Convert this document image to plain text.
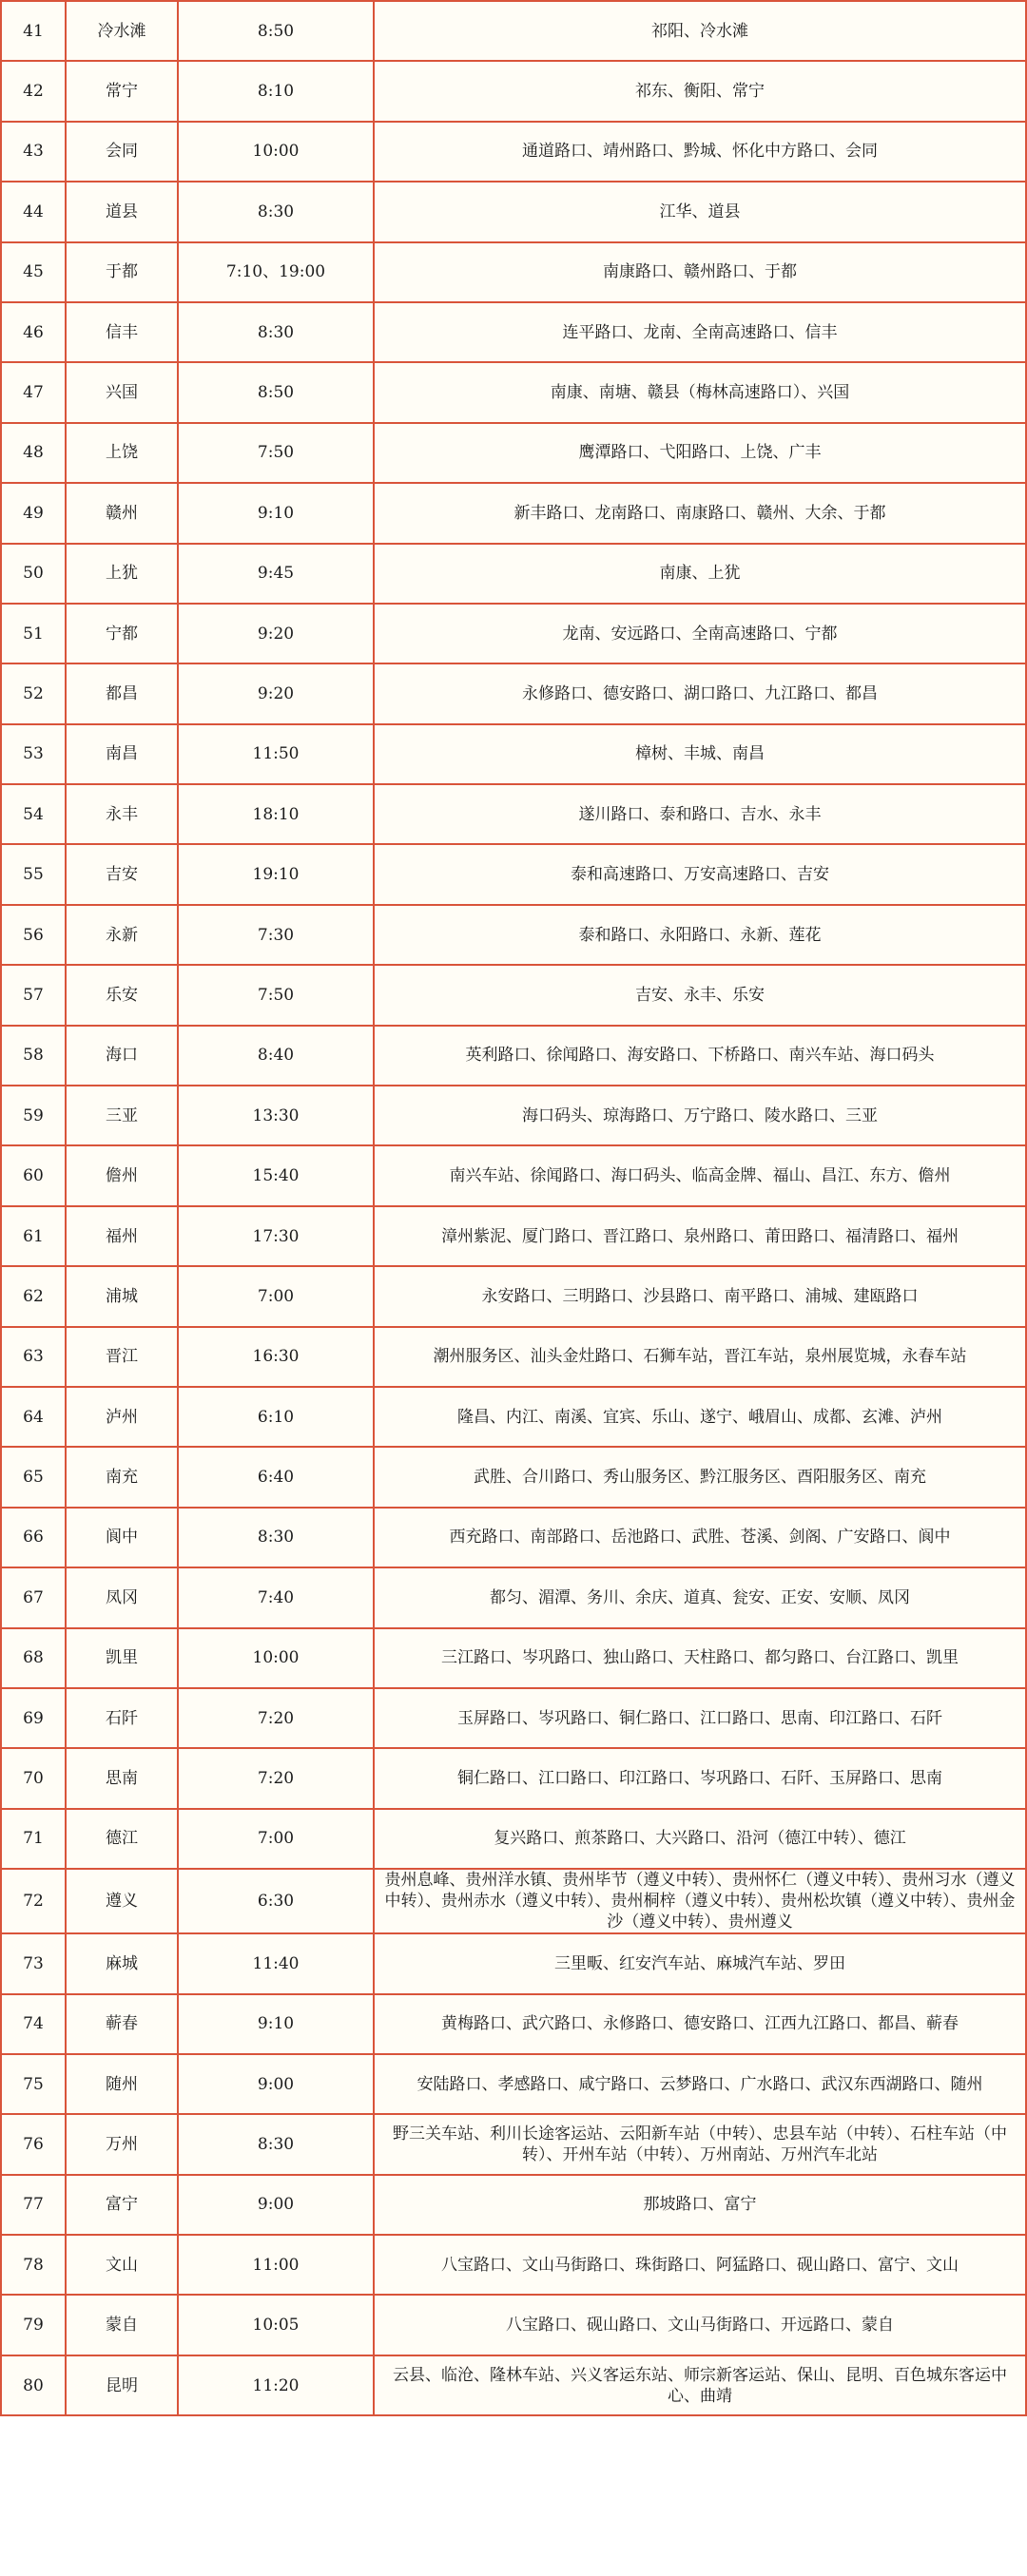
41	冷水滩	8:50	祁阳、冷水滩
42	常宁	8:10	祁东、衡阳、常宁
43	会同	10:00	通道路口、靖州路口、黔城、怀化中方路口、会同
44	道县	8:30	江华、道县
45	于都	7:10、19:00	南康路口、赣州路口、于都
46	信丰	8:30	连平路口、龙南、全南高速路口、信丰
47	兴国	8:50	南康、南塘、赣县（梅林高速路口）、兴国
48	上饶	7:50	鹰潭路口、弋阳路口、上饶、广丰
49	赣州	9:10	新丰路口、龙南路口、南康路口、赣州、大余、于都
50	上犹	9:45	南康、上犹
51	宁都	9:20	龙南、安远路口、全南高速路口、宁都
52	都昌	9:20	永修路口、德安路口、湖口路口、九江路口、都昌
53	南昌	11:50	樟树、丰城、南昌
54	永丰	18:10	遂川路口、泰和路口、吉水、永丰
55	吉安	19:10	泰和高速路口、万安高速路口、吉安
56	永新	7:30	泰和路口、永阳路口、永新、莲花
57	乐安	7:50	吉安、永丰、乐安
58	海口	8:40	英利路口、徐闻路口、海安路口、下桥路口、南兴车站、海口码头
59	三亚	13:30	海口码头、琼海路口、万宁路口、陵水路口、三亚
60	儋州	15:40	南兴车站、徐闻路口、海口码头、临高金牌、福山、昌江、东方、儋州
61	福州	17:30	漳州紫泥、厦门路口、晋江路口、泉州路口、莆田路口、福清路口、福州
62	浦城	7:00	永安路口、三明路口、沙县路口、南平路口、浦城、建瓯路口
63	晋江	16:30	潮州服务区、汕头金灶路口、石狮车站，晋江车站，泉州展览城，永春车站
64	泸州	6:10	隆昌、内江、南溪、宜宾、乐山、遂宁、峨眉山、成都、玄滩、泸州
65	南充	6:40	武胜、合川路口、秀山服务区、黔江服务区、酉阳服务区、南充
66	阆中	8:30	西充路口、南部路口、岳池路口、武胜、苍溪、剑阁、广安路口、阆中
67	凤冈	7:40	都匀、湄潭、务川、余庆、道真、瓮安、正安、安顺、凤冈
68	凯里	10:00	三江路口、岑巩路口、独山路口、天柱路口、都匀路口、台江路口、凯里
69	石阡	7:20	玉屏路口、岑巩路口、铜仁路口、江口路口、思南、印江路口、石阡
70	思南	7:20	铜仁路口、江口路口、印江路口、岑巩路口、石阡、玉屏路口、思南
71	德江	7:00	复兴路口、煎茶路口、大兴路口、沿河（德江中转）、德江
72	遵义	6:30	贵州息峰、贵州洋水镇、贵州毕节（遵义中转）、贵州怀仁（遵义中转）、贵州习水（遵义中转）、贵州赤水（遵义中转）、贵州桐梓（遵义中转）、贵州松坎镇（遵义中转）、贵州金沙（遵义中转）、贵州遵义
73	麻城	11:40	三里畈、红安汽车站、麻城汽车站、罗田
74	蕲春	9:10	黄梅路口、武穴路口、永修路口、德安路口、江西九江路口、都昌、蕲春
75	随州	9:00	安陆路口、孝感路口、咸宁路口、云梦路口、广水路口、武汉东西湖路口、随州
76	万州	8:30	野三关车站、利川长途客运站、云阳新车站（中转）、忠县车站（中转）、石柱车站（中转）、开州车站（中转）、万州南站、万州汽车北站
77	富宁	9:00	那坡路口、富宁
78	文山	11:00	八宝路口、文山马街路口、珠街路口、阿猛路口、砚山路口、富宁、文山
79	蒙自	10:05	八宝路口、砚山路口、文山马街路口、开远路口、蒙自
80	昆明	11:20	云县、临沧、隆林车站、兴义客运东站、师宗新客运站、保山、昆明、百色城东客运中心、曲靖
